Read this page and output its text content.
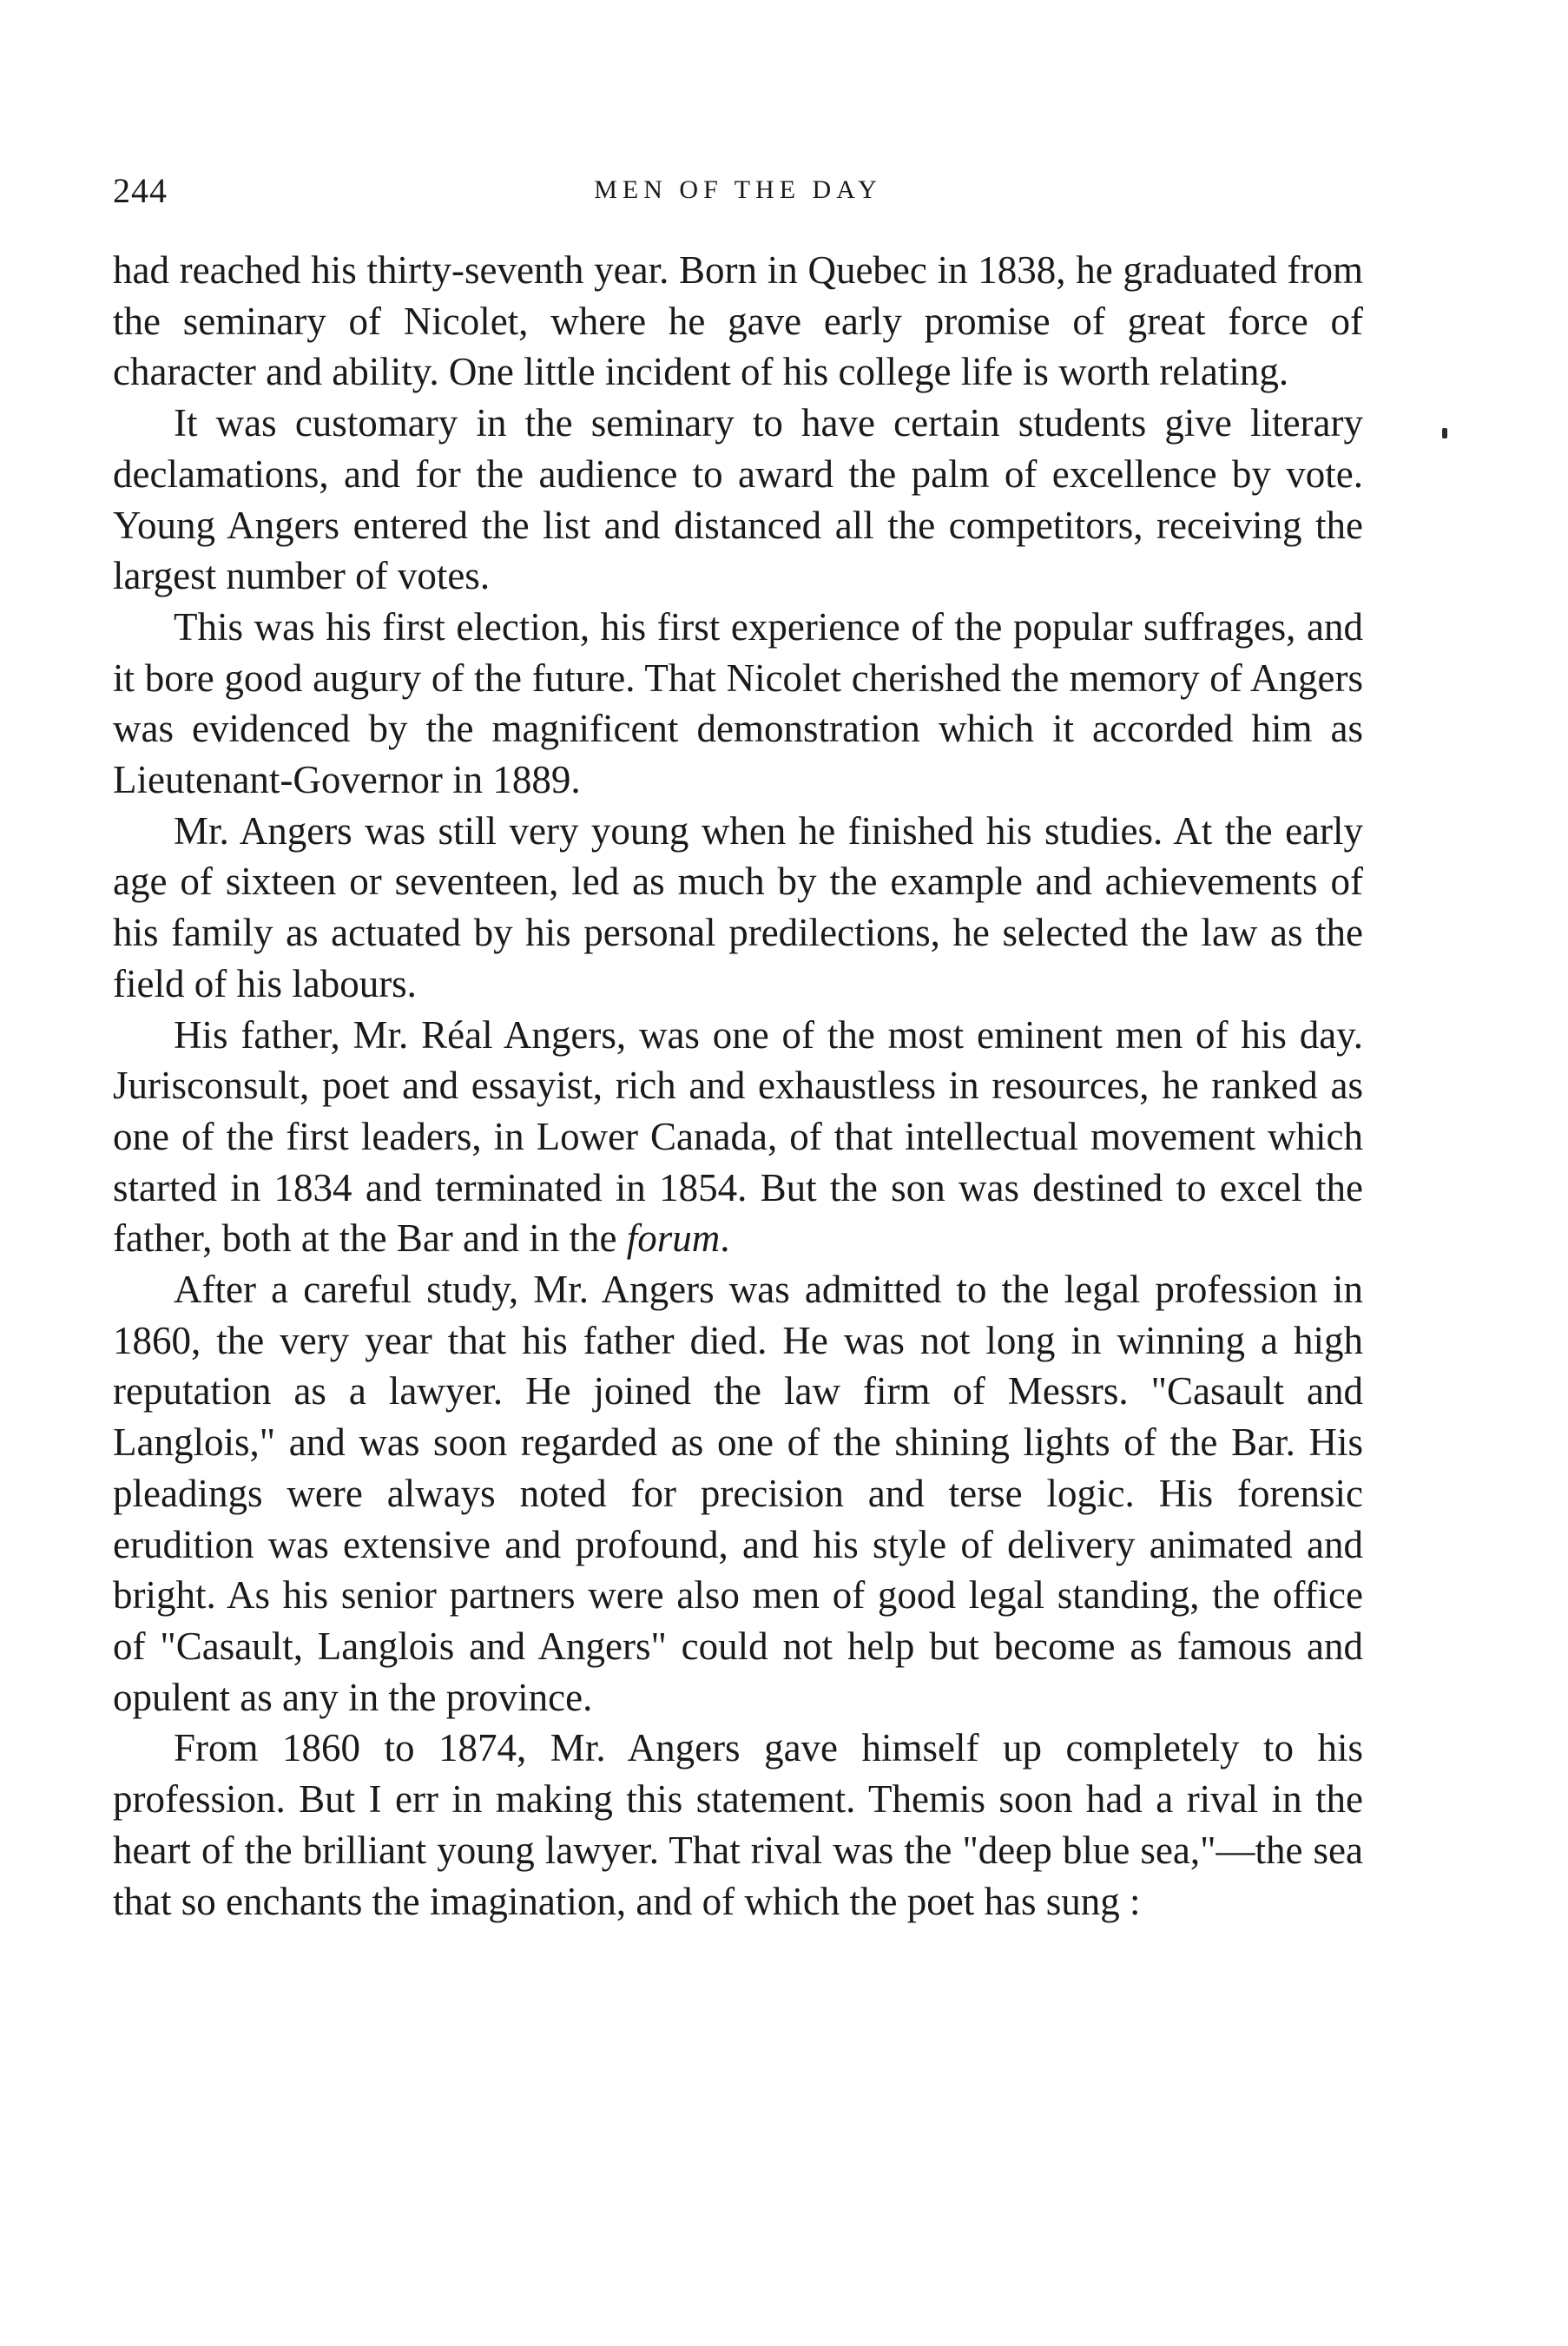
244	MEN OF THE DAY

had reached his thirty-seventh year. Born in Quebec in 1838, he graduated from the seminary of Nicolet, where he gave early promise of great force of character and ability. One little incident of his college life is worth relating.

It was customary in the seminary to have certain students give literary declamations, and for the audience to award the palm of excellence by vote. Young Angers entered the list and distanced all the competitors, receiving the largest number of votes.

This was his first election, his first experience of the popular suffrages, and it bore good augury of the future. That Nicolet cherished the memory of Angers was evidenced by the magnificent demonstration which it accorded him as Lieutenant-Governor in 1889.

Mr. Angers was still very young when he finished his studies. At the early age of sixteen or seventeen, led as much by the example and achievements of his family as actuated by his personal predilections, he selected the law as the field of his labours.

His father, Mr. Réal Angers, was one of the most eminent men of his day. Jurisconsult, poet and essayist, rich and exhaustless in resources, he ranked as one of the first leaders, in Lower Canada, of that intellectual movement which started in 1834 and terminated in 1854. But the son was destined to excel the father, both at the Bar and in the forum.

After a careful study, Mr. Angers was admitted to the legal profession in 1860, the very year that his father died. He was not long in winning a high reputation as a lawyer. He joined the law firm of Messrs. "Casault and Langlois," and was soon regarded as one of the shining lights of the Bar. His pleadings were always noted for precision and terse logic. His forensic erudition was extensive and profound, and his style of delivery animated and bright. As his senior partners were also men of good legal standing, the office of "Casault, Langlois and Angers" could not help but become as famous and opulent as any in the province.

From 1860 to 1874, Mr. Angers gave himself up completely to his profession. But I err in making this statement. Themis soon had a rival in the heart of the brilliant young lawyer. That rival was the "deep blue sea,"—the sea that so enchants the imagination, and of which the poet has sung :
